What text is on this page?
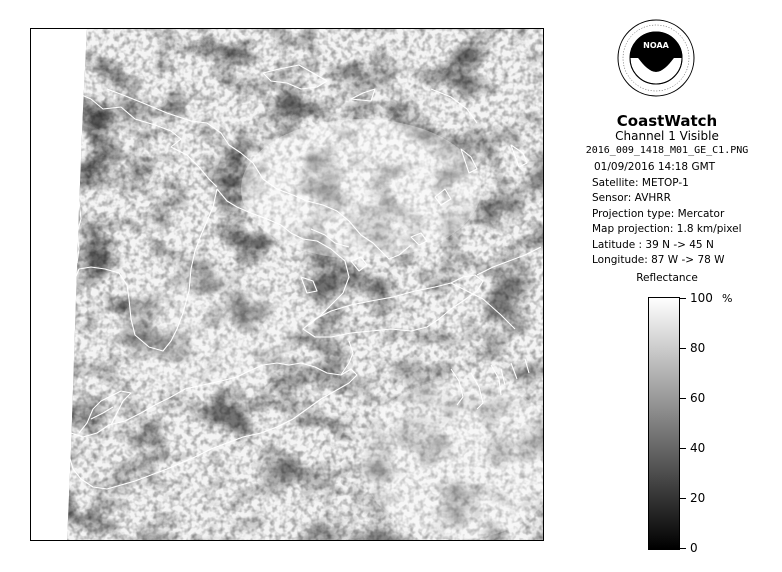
NOAA
CoastWatch
Channel 1 Visible
2016_009_1418_M01_GE_C1.PNG
01/09/2016 14:18 GMT
Satellite: METOP-1
Sensor: AVHRR
Projection type: Mercator
Map projection: 1.8 km/pixel
Latitude : 39 N -> 45 N
Longitude: 87 W -> 78 W
Reflectance
%
100
80
60
40
20
0
